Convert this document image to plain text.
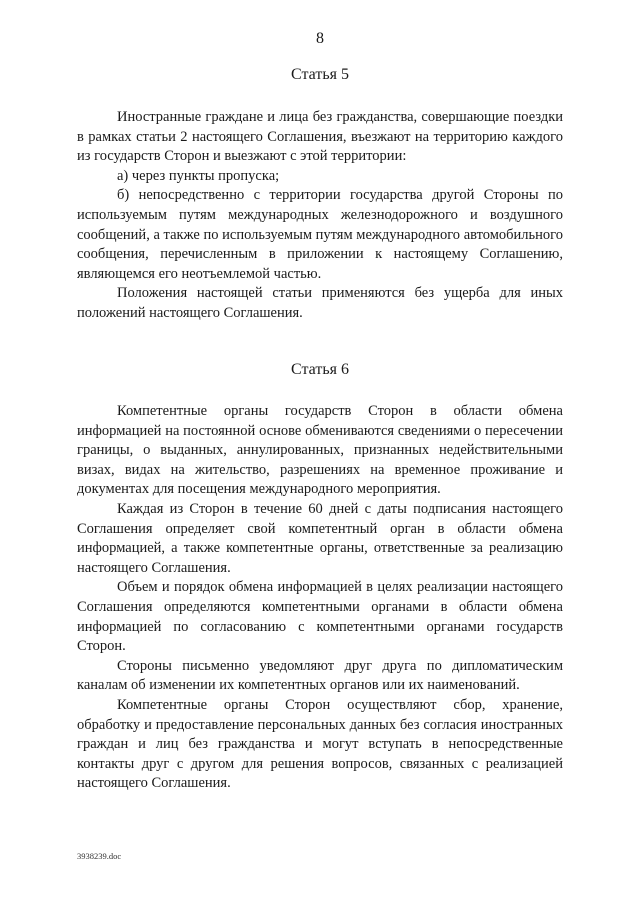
8
Статья 5

Иностранные граждане и лица без гражданства, совершающие поездки в рамках статьи 2 настоящего Соглашения, въезжают на территорию каждого из государств Сторон и выезжают с этой территории:

а) через пункты пропуска;

б) непосредственно с территории государства другой Стороны по используемым путям международных железнодорожного и воздушного сообщений, а также по используемым путям международного автомобильного сообщения, перечисленным в приложении к настоящему Соглашению, являющемся его неотъемлемой частью.

Положения настоящей статьи применяются без ущерба для иных положений настоящего Соглашения.

Статья 6

Компетентные органы государств Сторон в области обмена информацией на постоянной основе обмениваются сведениями о пересечении границы, о выданных, аннулированных, признанных недействительными визах, видах на жительство, разрешениях на временное проживание и документах для посещения международного мероприятия.

Каждая из Сторон в течение 60 дней с даты подписания настоящего Соглашения определяет свой компетентный орган в области обмена информацией, а также компетентные органы, ответственные за реализацию настоящего Соглашения.

Объем и порядок обмена информацией в целях реализации настоящего Соглашения определяются компетентными органами в области обмена информацией по согласованию с компетентными органами государств Сторон.

Стороны письменно уведомляют друг друга по дипломатическим каналам об изменении их компетентных органов или их наименований.

Компетентные органы Сторон осуществляют сбор, хранение, обработку и предоставление персональных данных без согласия иностранных граждан и лиц без гражданства и могут вступать в непосредственные контакты друг с другом для решения вопросов, связанных с реализацией настоящего Соглашения.

3938239.doc
